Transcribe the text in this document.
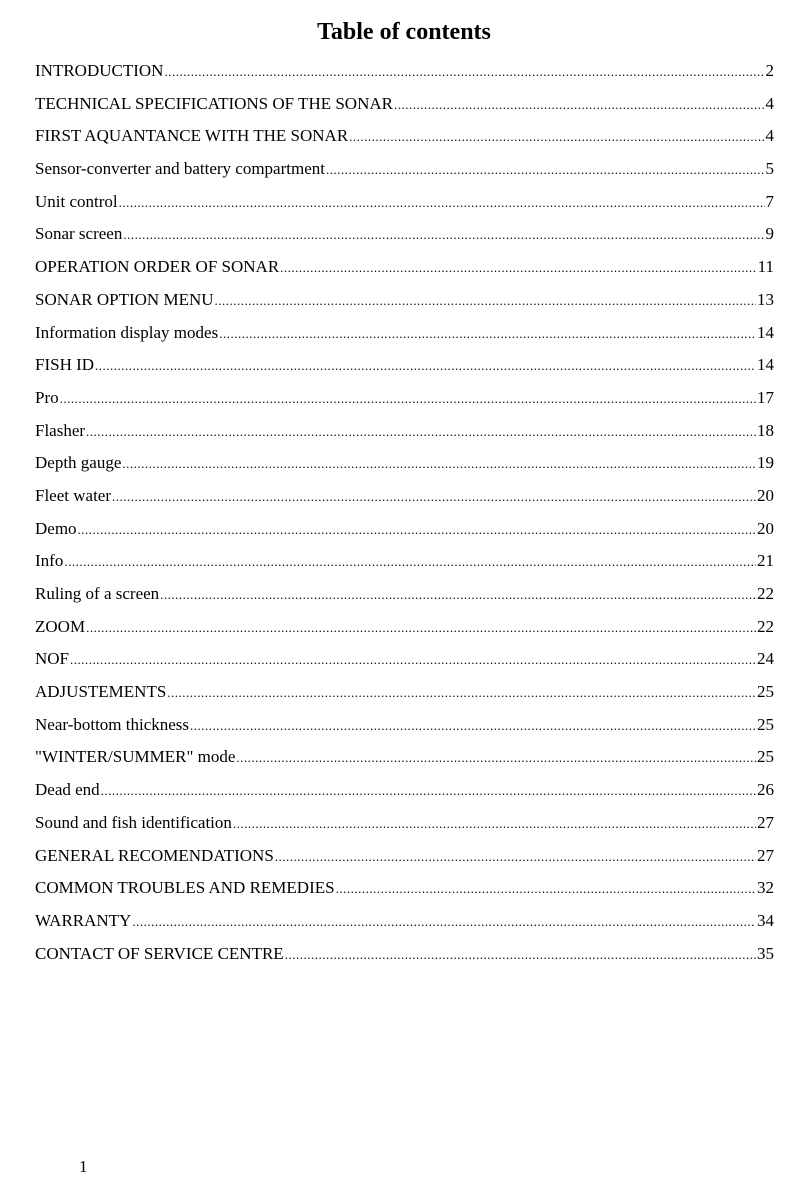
Table of contents
INTRODUCTION .....	2
TECHNICAL SPECIFICATIONS OF THE SONAR .....	4
FIRST AQUANTANCE WITH THE SONAR .....	4
Sensor-converter and battery compartment .....	5
Unit control .....	7
Sonar screen .....	9
OPERATION ORDER OF SONAR .....	11
SONAR OPTION MENU .....	13
Information display modes .....	14
FISH ID .....	14
Pro .....	17
Flasher .....	18
Depth gauge .....	19
Fleet water .....	20
Demo .....	20
Info .....	21
Ruling of a screen .....	22
ZOOM .....	22
NOF .....	24
ADJUSTEMENTS .....	25
Near-bottom thickness .....	25
"WINTER/SUMMER" mode .....	25
Dead end .....	26
Sound and fish identification .....	27
GENERAL RECOMENDATIONS .....	27
COMMON TROUBLES AND REMEDIES .....	32
WARRANTY .....	34
CONTACT OF SERVICE CENTRE .....	35
1
